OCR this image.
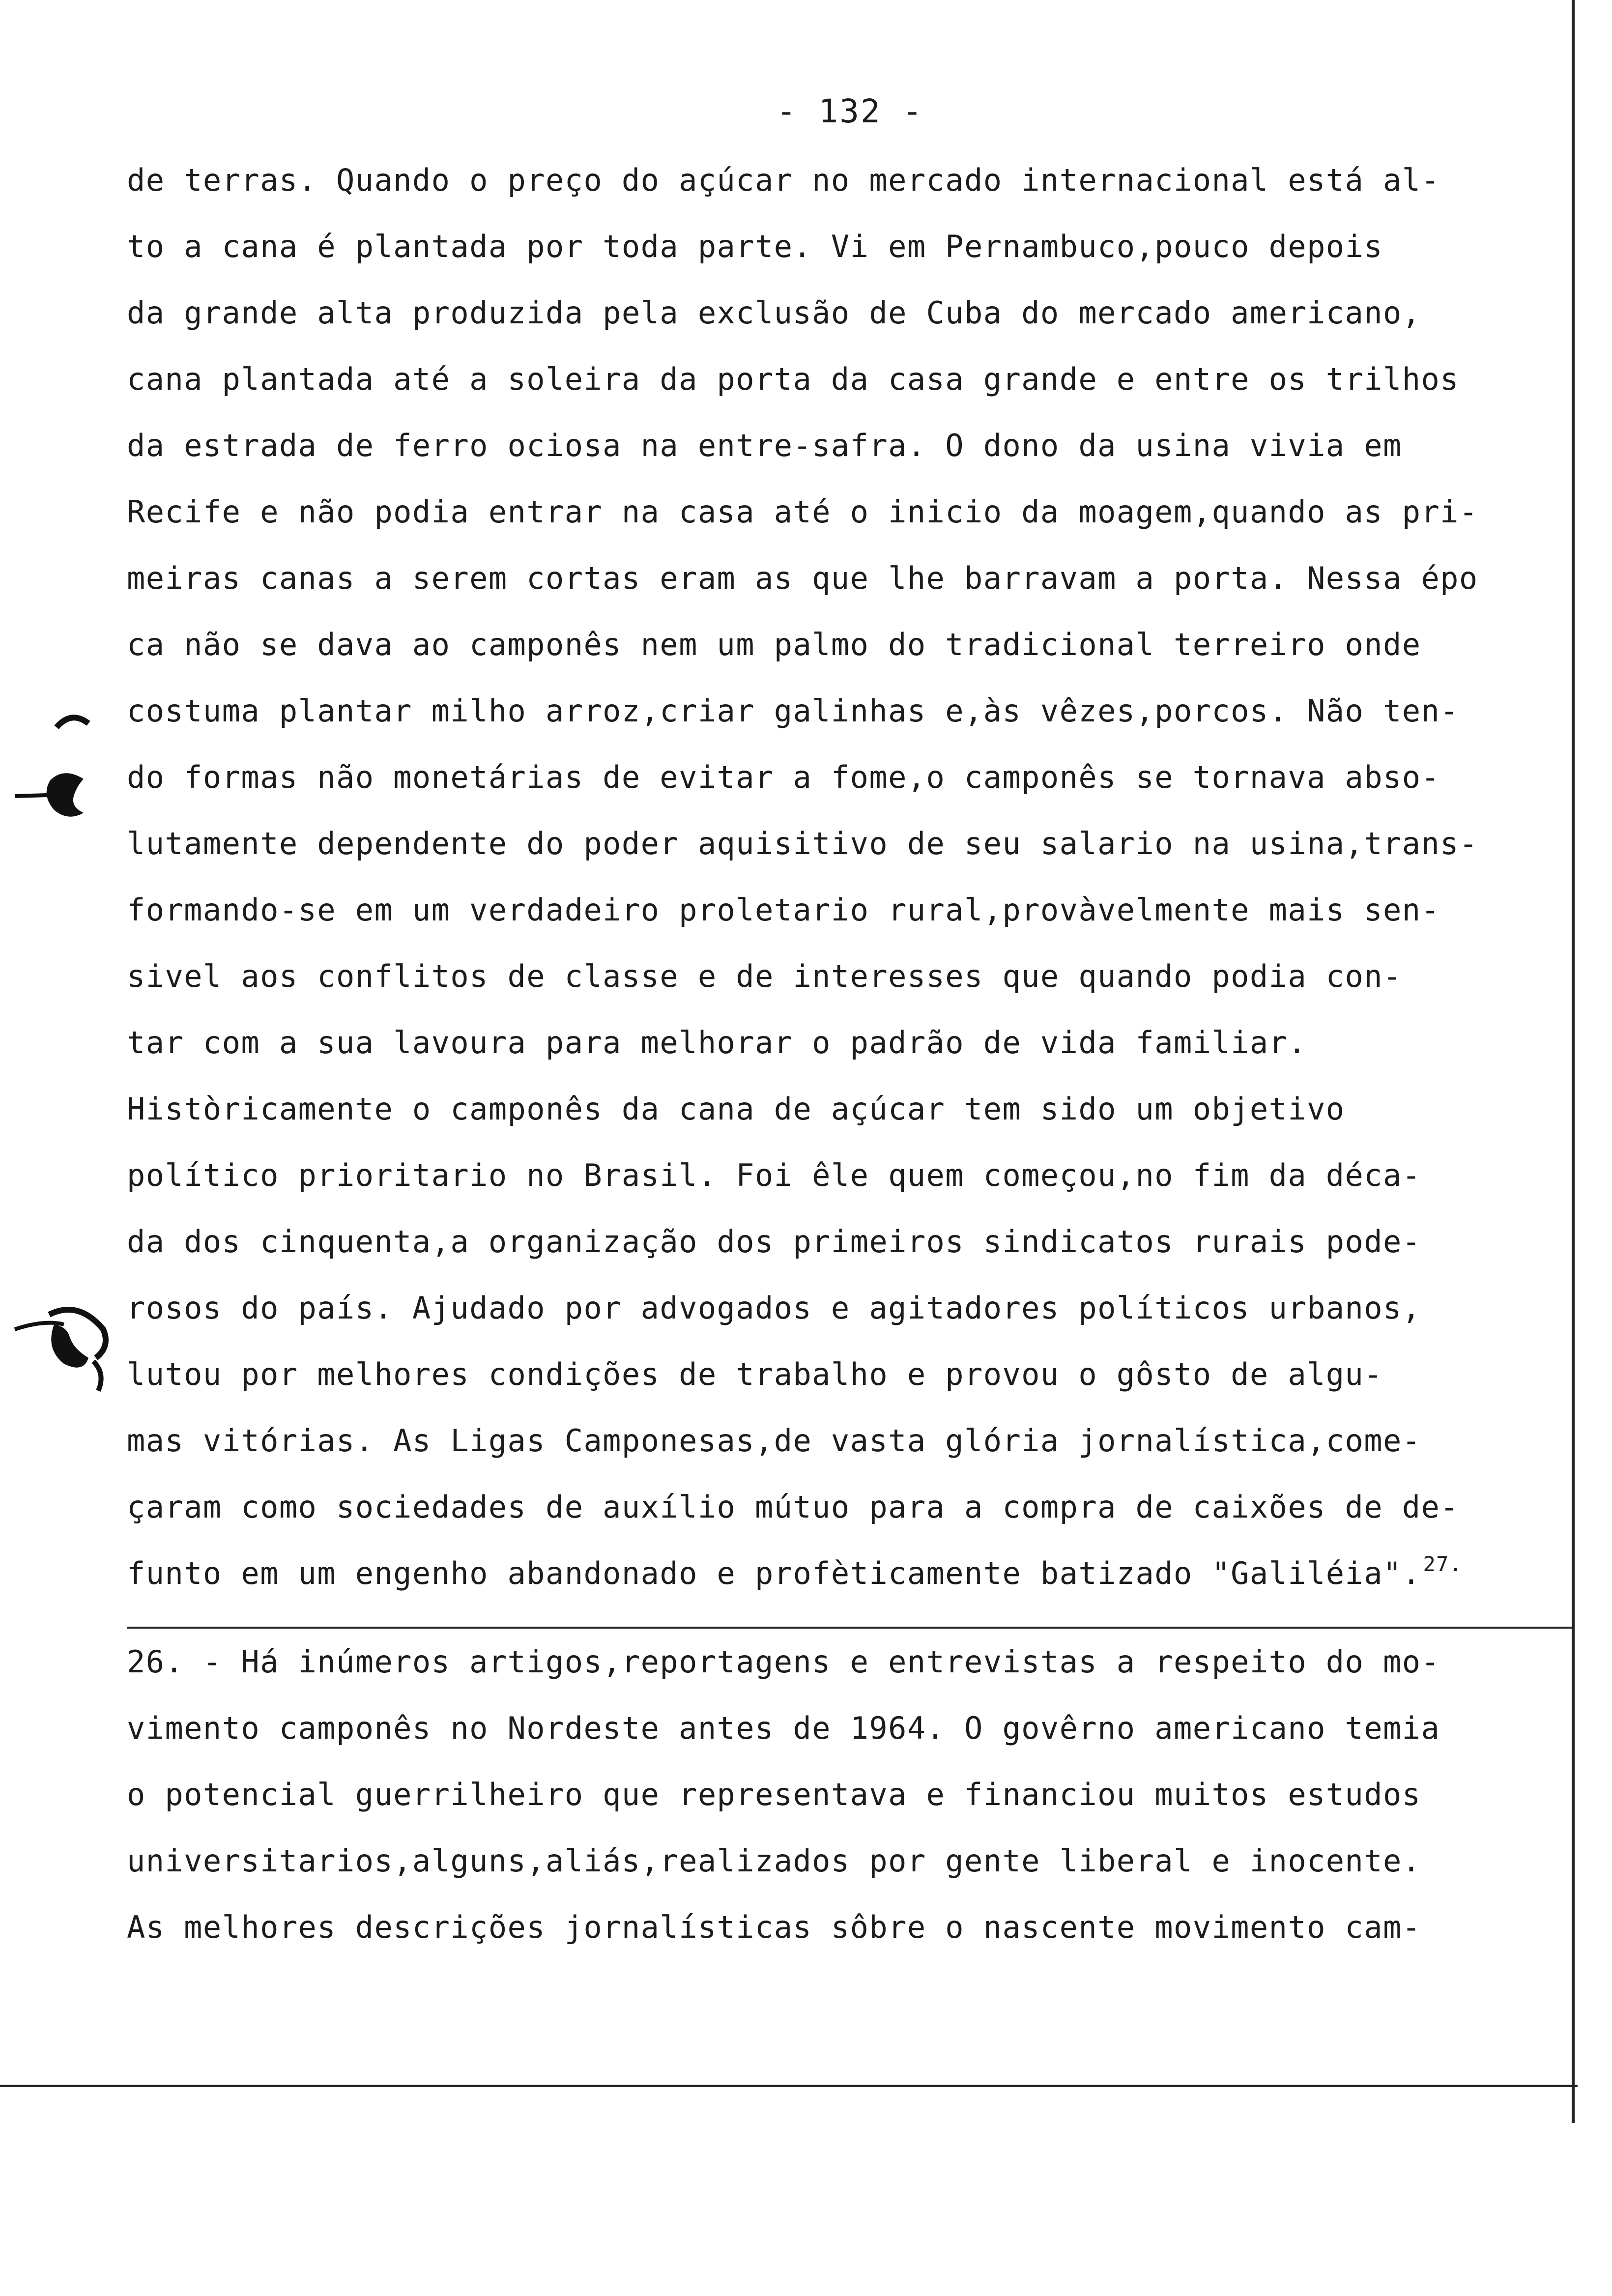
- 132 -
de terras. Quando o preço do açúcar no mercado internacional está al-
to a cana é plantada por toda parte. Vi em Pernambuco,pouco depois
da grande alta produzida pela exclusão de Cuba do mercado americano,
cana plantada até a soleira da porta da casa grande e entre os trilhos
da estrada de ferro ociosa na entre-safra. O dono da usina vivia em
Recife e não podia entrar na casa até o inicio da moagem,quando as pri-
meiras canas a serem cortas eram as que lhe barravam a porta. Nessa épo
ca não se dava ao camponês nem um palmo do tradicional terreiro onde
costuma plantar milho arroz,criar galinhas e,às vêzes,porcos. Não ten-
do formas não monetárias de evitar a fome,o camponês se tornava abso-
lutamente dependente do poder aquisitivo de seu salario na usina,trans-
formando-se em um verdadeiro proletario rural,provàvelmente mais sen-
sivel aos conflitos de classe e de interesses que quando podia con-
tar com a sua lavoura para melhorar o padrão de vida familiar.
Històricamente o camponês da cana de açúcar tem sido um objetivo
político prioritario no Brasil. Foi êle quem começou,no fim da déca-
da dos cinquenta,a organização dos primeiros sindicatos rurais pode-
rosos do país. Ajudado por advogados e agitadores políticos urbanos,
lutou por melhores condições de trabalho e provou o gôsto de algu-
mas vitórias. As Ligas Camponesas,de vasta glória jornalística,come-
çaram como sociedades de auxílio mútuo para a compra de caixões de de-
funto em um engenho abandonado e profèticamente batizado "Galiléia".$^{27.}$
26. - Há inúmeros artigos,reportagens e entrevistas a respeito do mo-
vimento camponês no Nordeste antes de 1964. O govêrno americano temia
o potencial guerrilheiro que representava e financiou muitos estudos
universitarios,alguns,aliás,realizados por gente liberal e inocente.
As melhores descrições jornalísticas sôbre o nascente movimento cam-
